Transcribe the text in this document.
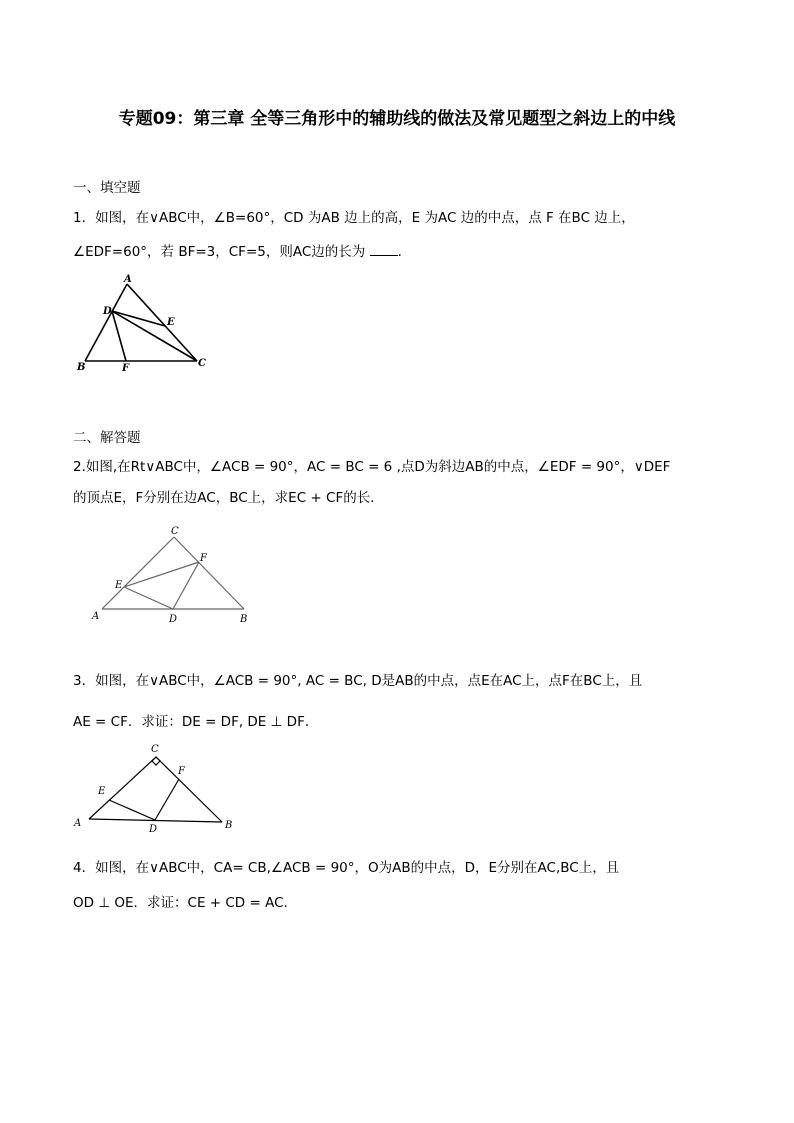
专题09：第三章 全等三角形中的辅助线的做法及常见题型之斜边上的中线
一、填空题
1．如图，在∨ABC中，∠B=60°，CD 为AB 边上的高，E 为AC 边的中点，点 F 在BC 边上，
∠EDF=60°，若 BF=3，CF=5，则AC边的长为 .
A
B	C
D
E
F
二、解答题
2.如图,在Rt∨ABC中，∠ACB = 90°，AC = BC = 6 ,点D为斜边AB的中点，∠EDF = 90°，∨DEF
的顶点E，F分别在边AC，BC上，求EC + CF的长．
C
F
E
A	D	B
3．如图，在∨ABC中，∠ACB = 90°, AC = BC, D是AB的中点，点E在AC上，点F在BC上，且
AE = CF．求证：DE = DF, DE ⊥ DF．
C
F
E
A
D	B
4．如图，在∨ABC中，CA= CB,∠ACB = 90°，O为AB的中点，D，E分别在AC,BC上，且
OD ⊥ OE．求证：CE + CD = AC．
